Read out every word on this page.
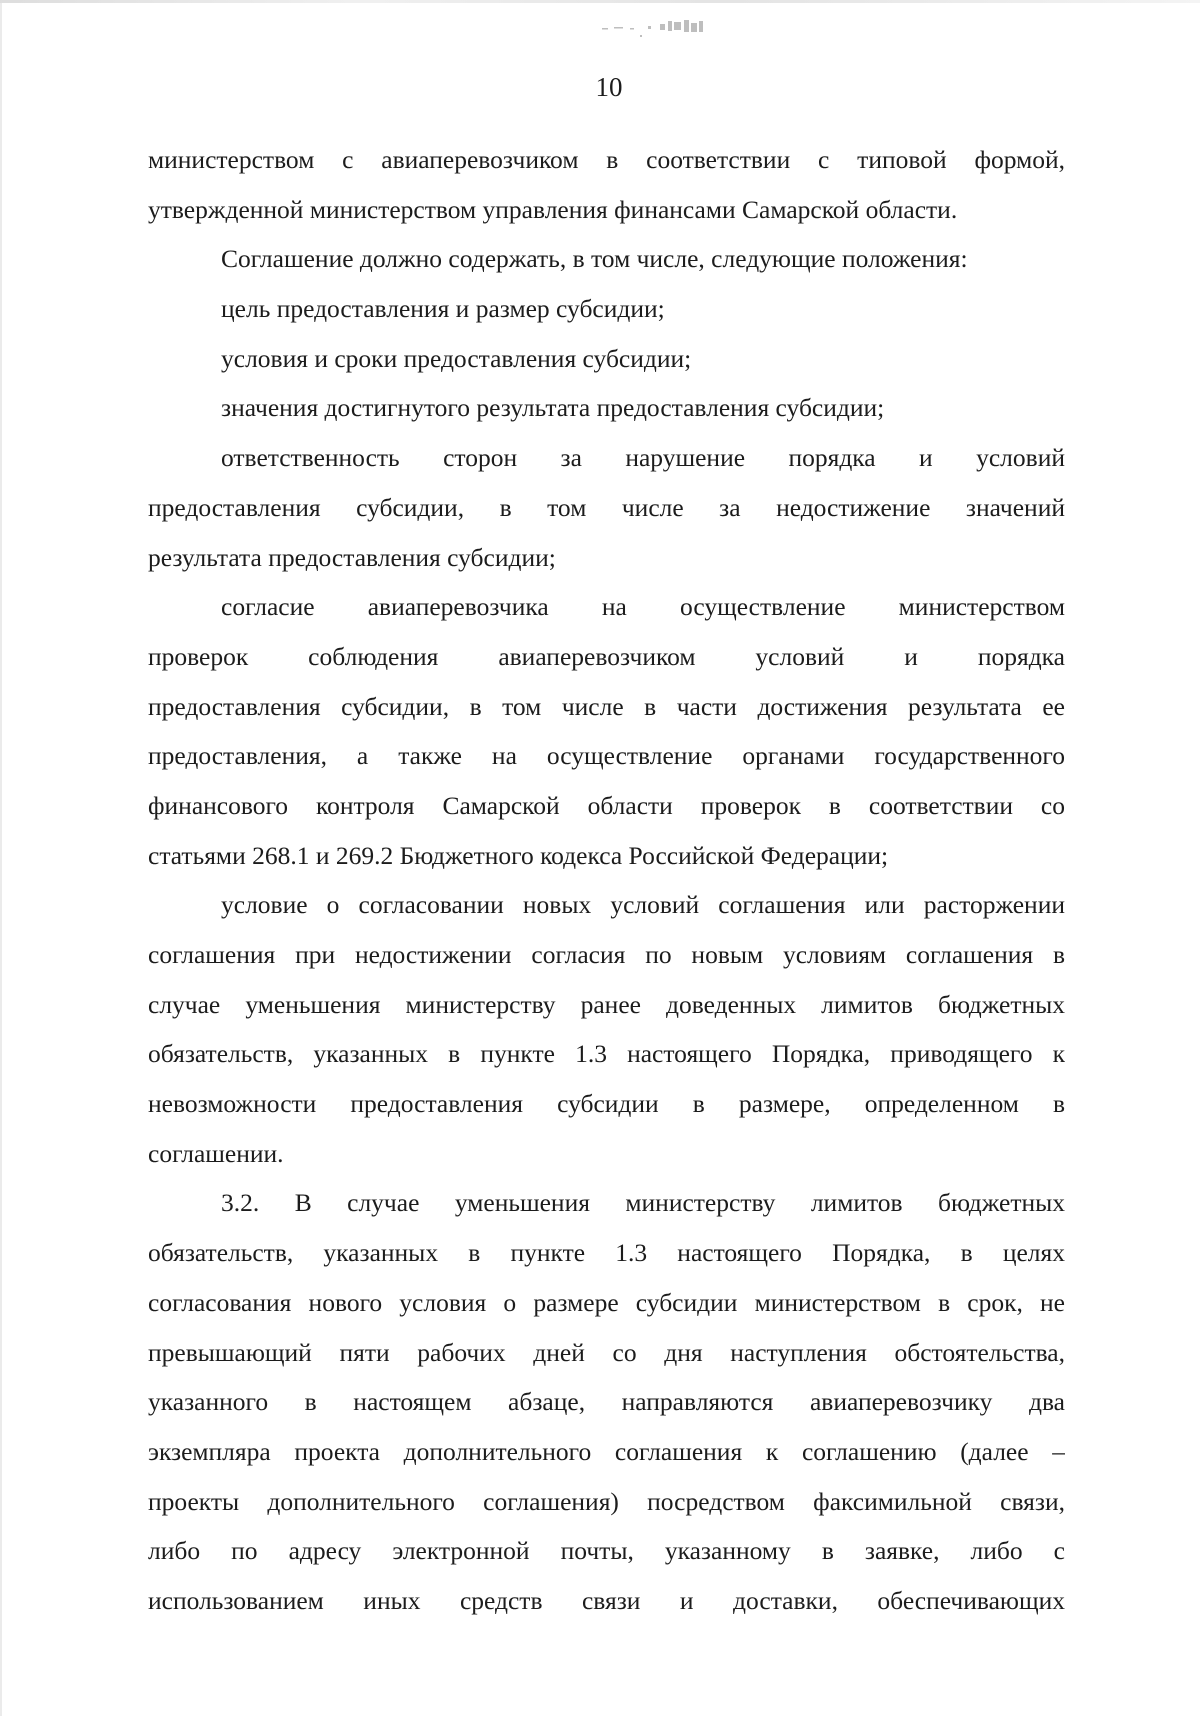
10
министерством с авиаперевозчиком в соответствии с типовой формой,
утвержденной министерством управления финансами Самарской области.
Соглашение должно содержать, в том числе, следующие положения:
цель предоставления и размер субсидии;
условия и сроки предоставления субсидии;
значения достигнутого результата предоставления субсидии;
ответственность сторон за нарушение порядка и условий
предоставления субсидии, в том числе за недостижение значений
результата предоставления субсидии;
согласие авиаперевозчика на осуществление министерством
проверок соблюдения авиаперевозчиком условий и порядка
предоставления субсидии, в том числе в части достижения результата ее
предоставления, а также на осуществление органами государственного
финансового контроля Самарской области проверок в соответствии со
статьями 268.1 и 269.2 Бюджетного кодекса Российской Федерации;
условие о согласовании новых условий соглашения или расторжении
соглашения при недостижении согласия по новым условиям соглашения в
случае уменьшения министерству ранее доведенных лимитов бюджетных
обязательств, указанных в пункте 1.3 настоящего Порядка, приводящего к
невозможности предоставления субсидии в размере, определенном в
соглашении.
3.2. В случае уменьшения министерству лимитов бюджетных
обязательств, указанных в пункте 1.3 настоящего Порядка, в целях
согласования нового условия о размере субсидии министерством в срок, не
превышающий пяти рабочих дней со дня наступления обстоятельства,
указанного в настоящем абзаце, направляются авиаперевозчику два
экземпляра проекта дополнительного соглашения к соглашению (далее –
проекты дополнительного соглашения) посредством факсимильной связи,
либо по адресу электронной почты, указанному в заявке, либо с
использованием иных средств связи и доставки, обеспечивающих
